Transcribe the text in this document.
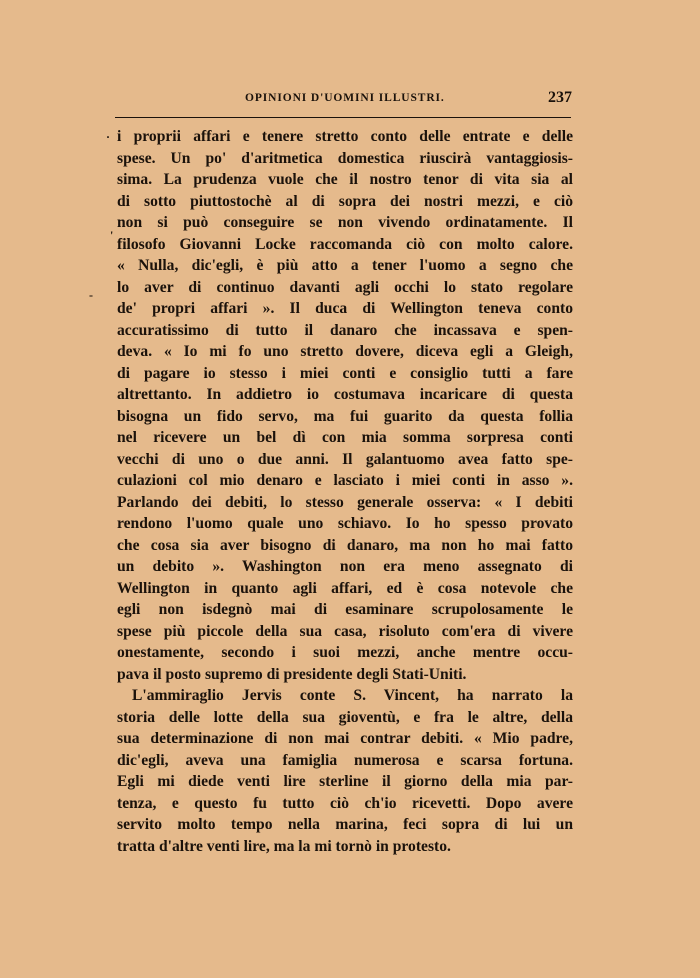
OPINIONI D'UOMINI ILLUSTRI.	237
·
'
-
i proprii affari e tenere stretto conto delle entrate e delle
spese. Un po' d'aritmetica domestica riuscirà vantaggiosis-
sima. La prudenza vuole che il nostro tenor di vita sia al
di sotto piuttostochè al di sopra dei nostri mezzi, e ciò
non si può conseguire se non vivendo ordinatamente. Il
filosofo Giovanni Locke raccomanda ciò con molto calore.
« Nulla, dic'egli, è più atto a tener l'uomo a segno che
lo aver di continuo davanti agli occhi lo stato regolare
de' propri affari ». Il duca di Wellington teneva conto
accuratissimo di tutto il danaro che incassava e spen-
deva. « Io mi fo uno stretto dovere, diceva egli a Gleigh,
di pagare io stesso i miei conti e consiglio tutti a fare
altrettanto. In addietro io costumava incaricare di questa
bisogna un fido servo, ma fui guarito da questa follia
nel ricevere un bel dì con mia somma sorpresa conti
vecchi di uno o due anni. Il galantuomo avea fatto spe-
culazioni col mio denaro e lasciato i miei conti in asso ».
Parlando dei debiti, lo stesso generale osserva: « I debiti
rendono l'uomo quale uno schiavo. Io ho spesso provato
che cosa sia aver bisogno di danaro, ma non ho mai fatto
un debito ». Washington non era meno assegnato di
Wellington in quanto agli affari, ed è cosa notevole che
egli non isdegnò mai di esaminare scrupolosamente le
spese più piccole della sua casa, risoluto com'era di vivere
onestamente, secondo i suoi mezzi, anche mentre occu-
pava il posto supremo di presidente degli Stati-Uniti.
L'ammiraglio Jervis conte S. Vincent, ha narrato la
storia delle lotte della sua gioventù, e fra le altre, della
sua determinazione di non mai contrar debiti. « Mio padre,
dic'egli, aveva una famiglia numerosa e scarsa fortuna.
Egli mi diede venti lire sterline il giorno della mia par-
tenza, e questo fu tutto ciò ch'io ricevetti. Dopo avere
servito molto tempo nella marina, feci sopra di lui un
tratta d'altre venti lire, ma la mi tornò in protesto.
